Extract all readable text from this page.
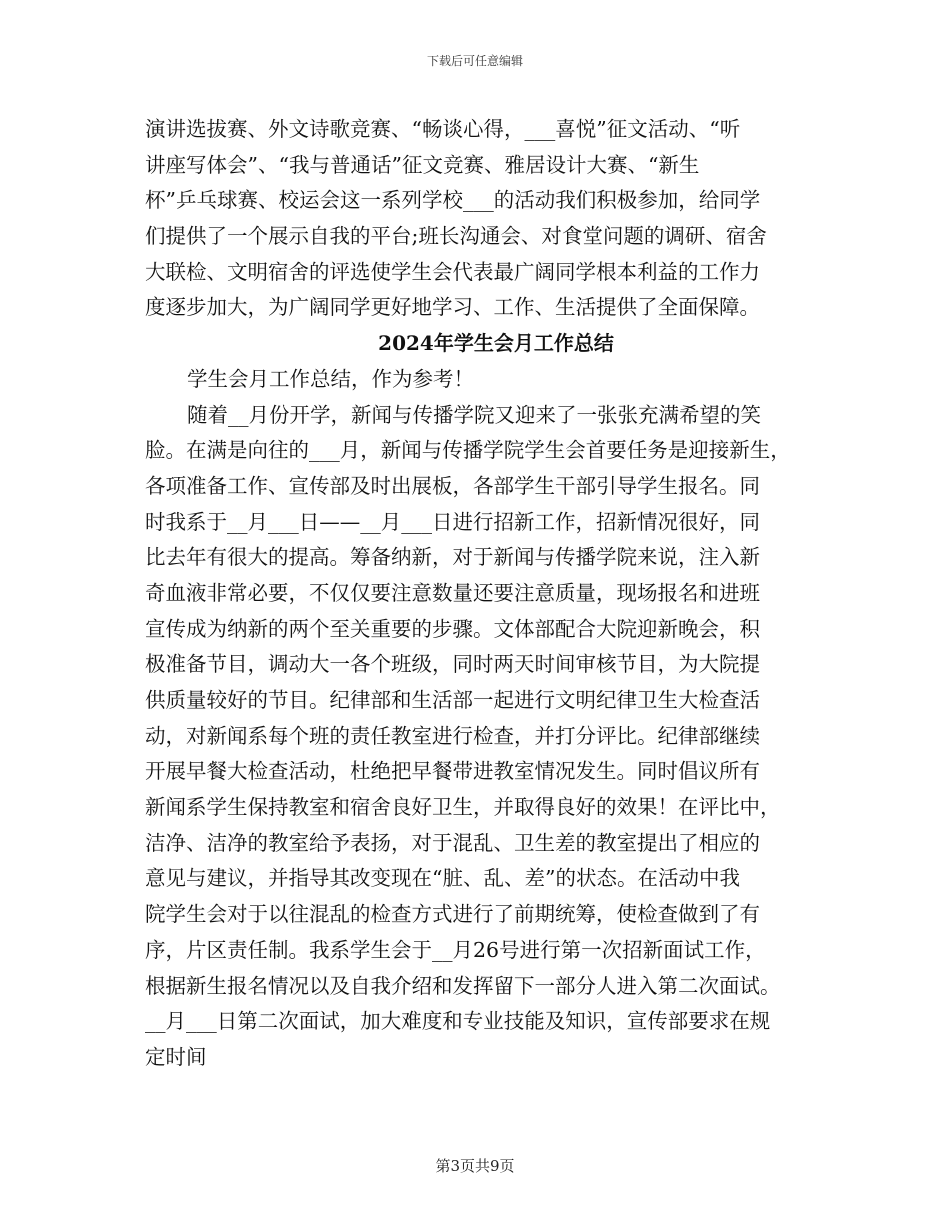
下载后可任意编辑
演讲选拔赛、外文诗歌竞赛、“畅谈心得，___喜悦”征文活动、“听
讲座写体会”、“我与普通话”征文竞赛、雅居设计大赛、“新生
杯”乒乓球赛、校运会这一系列学校___的活动我们积极参加，给同学
们提供了一个展示自我的平台;班长沟通会、对食堂问题的调研、宿舍
大联检、文明宿舍的评选使学生会代表最广阔同学根本利益的工作力
度逐步加大，为广阔同学更好地学习、工作、生活提供了全面保障。
2024年学生会月工作总结
学生会月工作总结，作为参考！
随着__月份开学，新闻与传播学院又迎来了一张张充满希望的笑
脸。在满是向往的___月，新闻与传播学院学生会首要任务是迎接新生，
各项准备工作、宣传部及时出展板，各部学生干部引导学生报名。同
时我系于__月___日——__月___日进行招新工作，招新情况很好，同
比去年有很大的提高。筹备纳新，对于新闻与传播学院来说，注入新
奇血液非常必要，不仅仅要注意数量还要注意质量，现场报名和进班
宣传成为纳新的两个至关重要的步骤。文体部配合大院迎新晚会，积
极准备节目，调动大一各个班级，同时两天时间审核节目，为大院提
供质量较好的节目。纪律部和生活部一起进行文明纪律卫生大检查活
动，对新闻系每个班的责任教室进行检查，并打分评比。纪律部继续
开展早餐大检查活动，杜绝把早餐带进教室情况发生。同时倡议所有
新闻系学生保持教室和宿舍良好卫生，并取得良好的效果！在评比中，
洁净、洁净的教室给予表扬，对于混乱、卫生差的教室提出了相应的
意见与建议，并指导其改变现在“脏、乱、差”的状态。在活动中我
院学生会对于以往混乱的检查方式进行了前期统筹，使检查做到了有
序，片区责任制。我系学生会于__月26号进行第一次招新面试工作，
根据新生报名情况以及自我介绍和发挥留下一部分人进入第二次面试。
__月___日第二次面试，加大难度和专业技能及知识，宣传部要求在规
定时间
第3页共9页
